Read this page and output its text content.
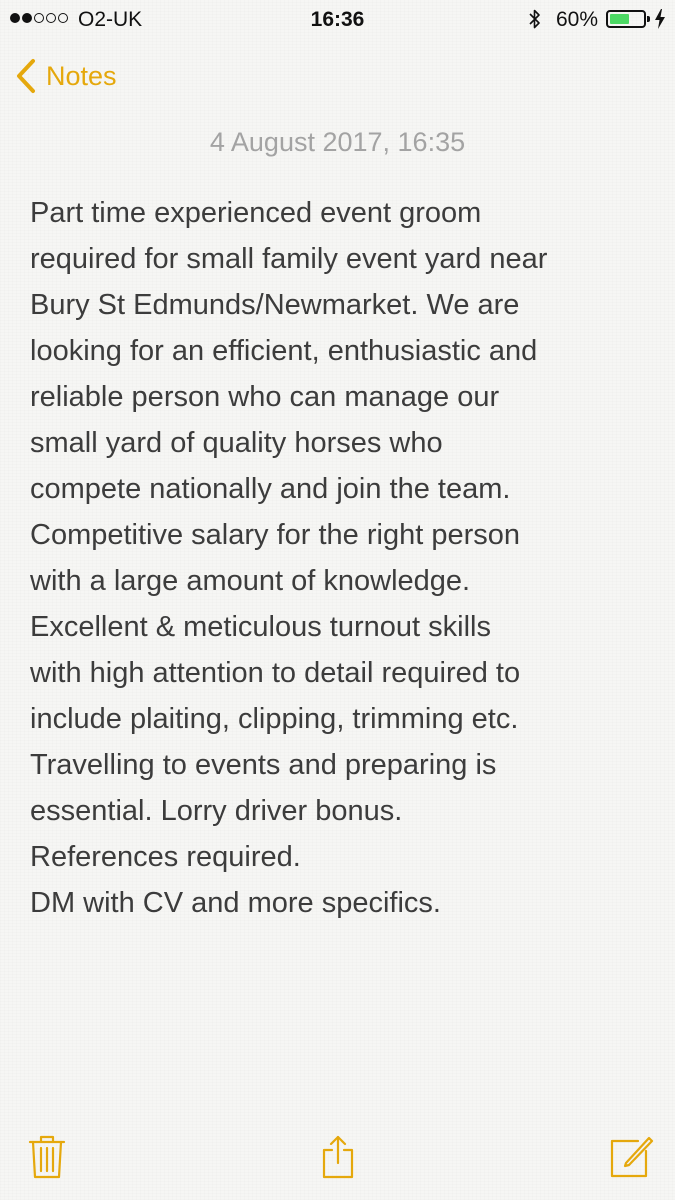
O2-UK	16:36	60%
Notes
4 August 2017, 16:35
Part time experienced event groom
required for small family event yard near
Bury St Edmunds/Newmarket. We are
looking for an efficient, enthusiastic and
reliable person who can manage our
small yard of quality horses who
compete nationally and join the team.
Competitive salary for the right person
with a large amount of knowledge.
Excellent & meticulous turnout skills
with high attention to detail required to
include plaiting, clipping, trimming etc.
Travelling to events and preparing is
essential. Lorry driver bonus.
References required.
DM with CV and more specifics.
